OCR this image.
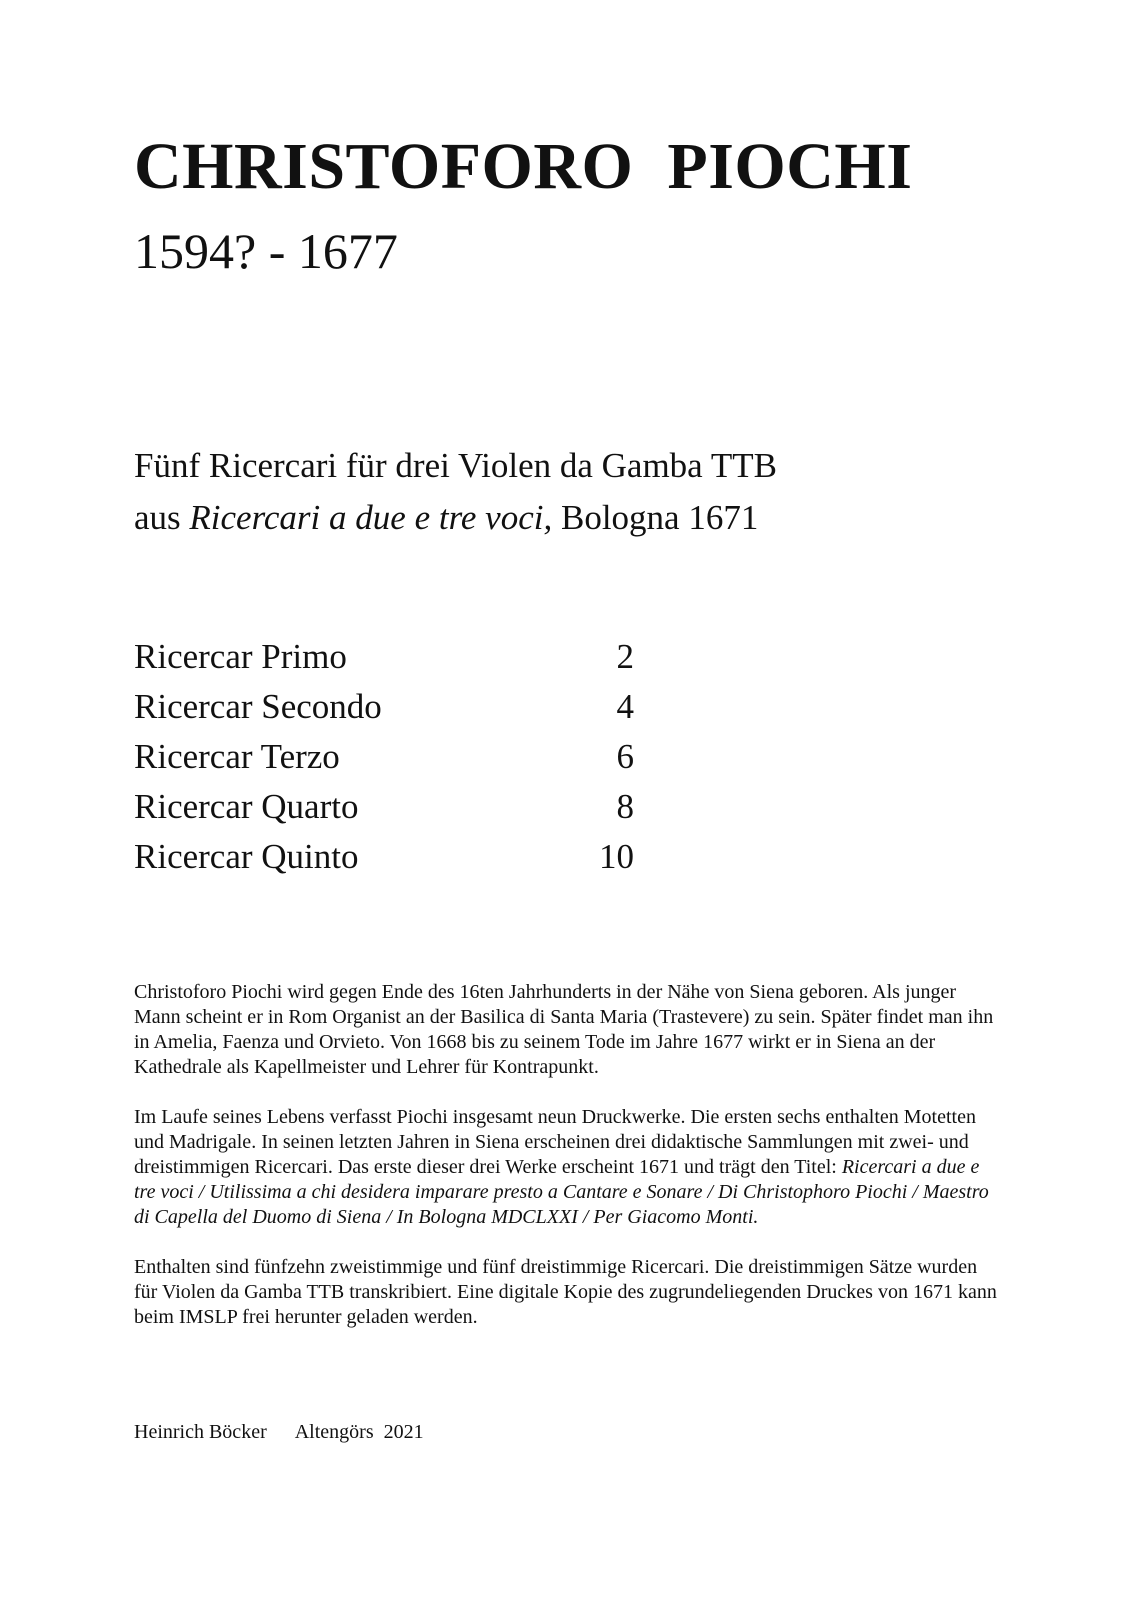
CHRISTOFORO  PIOCHI
1594? - 1677
Fünf Ricercari für drei Violen da Gamba TTB
aus Ricercari a due e tre voci, Bologna 1671
Ricercar Primo	2
Ricercar Secondo	4
Ricercar Terzo	6
Ricercar Quarto	8
Ricercar Quinto	10

Christoforo Piochi wird gegen Ende des 16ten Jahrhunderts in der Nähe von Siena geboren. Als junger Mann scheint er in Rom Organist an der Basilica di Santa Maria (Trastevere) zu sein. Später findet man ihn in Amelia, Faenza und Orvieto. Von 1668 bis zu seinem Tode im Jahre 1677 wirkt er in Siena an der Kathedrale als Kapellmeister und Lehrer für Kontrapunkt.

Im Laufe seines Lebens verfasst Piochi insgesamt neun Druckwerke. Die ersten sechs enthalten Motetten und Madrigale. In seinen letzten Jahren in Siena erscheinen drei didaktische Sammlungen mit zwei- und dreistimmigen Ricercari. Das erste dieser drei Werke erscheint 1671 und trägt den Titel: Ricercari a due e tre voci / Utilissima a chi desidera imparare presto a Cantare e Sonare / Di Christophoro Piochi / Maestro di Capella del Duomo di Siena / In Bologna MDCLXXI / Per Giacomo Monti.

Enthalten sind fünfzehn zweistimmige und fünf dreistimmige Ricercari. Die dreistimmigen Sätze wurden für Violen da Gamba TTB transkribiert. Eine digitale Kopie des zugrundeliegenden Druckes von 1671 kann beim IMSLP frei herunter geladen werden.

Heinrich Böcker Altengörs  2021
